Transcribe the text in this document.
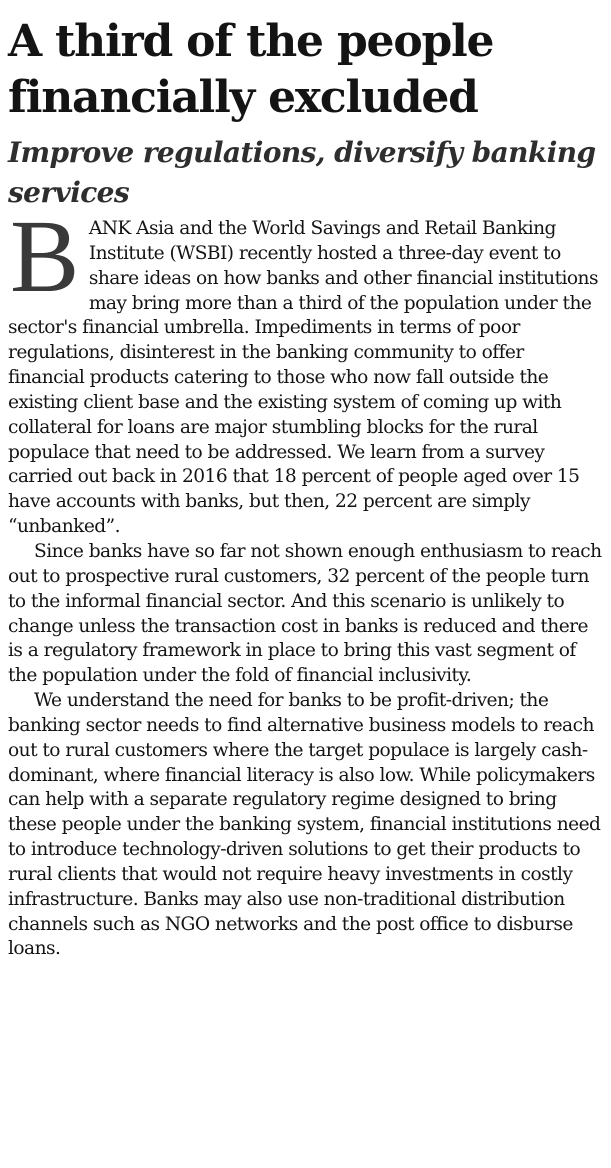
A third of the people financially excluded
Improve regulations, diversify banking services

BANK Asia and the World Savings and Retail Banking Institute (WSBI) recently hosted a three-day event to share ideas on how banks and other financial institutions may bring more than a third of the population under the sector's financial umbrella. Impediments in terms of poor regulations, disinterest in the banking community to offer financial products catering to those who now fall outside the existing client base and the existing system of coming up with collateral for loans are major stumbling blocks for the rural populace that need to be addressed. We learn from a survey carried out back in 2016 that 18 percent of people aged over 15 have accounts with banks, but then, 22 percent are simply “unbanked”.

Since banks have so far not shown enough enthusiasm to reach out to prospective rural customers, 32 percent of the people turn to the informal financial sector. And this scenario is unlikely to change unless the transaction cost in banks is reduced and there is a regulatory framework in place to bring this vast segment of the population under the fold of financial inclusivity.

We understand the need for banks to be profit-driven; the banking sector needs to find alternative business models to reach out to rural customers where the target populace is largely cash-dominant, where financial literacy is also low. While policymakers can help with a separate regulatory regime designed to bring these people under the banking system, financial institutions need to introduce technology-driven solutions to get their products to rural clients that would not require heavy investments in costly infrastructure. Banks may also use non-traditional distribution channels such as NGO networks and the post office to disburse loans.
